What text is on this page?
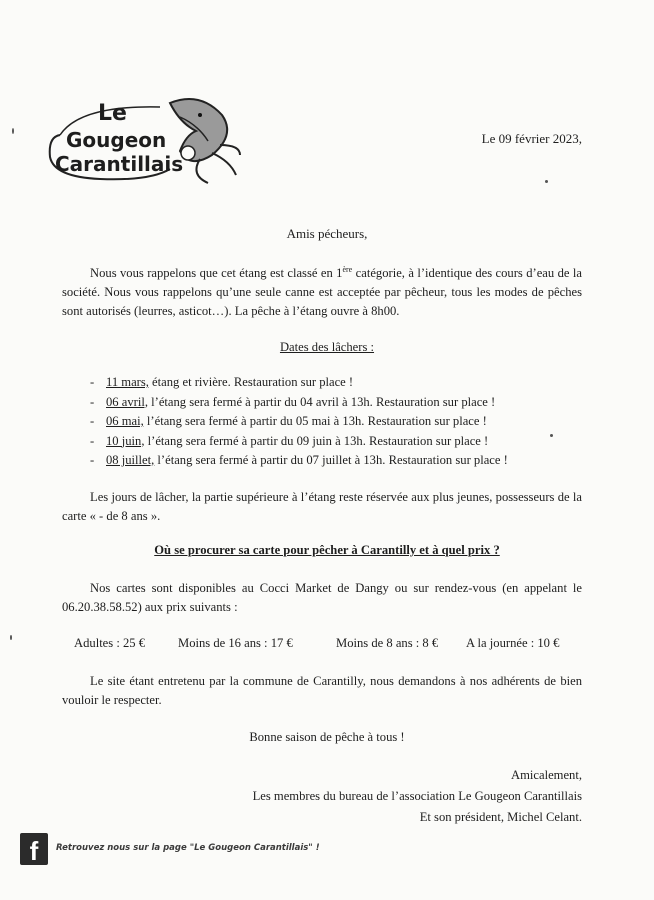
Le
Gougeon
Carantillais
Le 09 février 2023,
Amis pécheurs,

Nous vous rappelons que cet étang est classé en 1ère catégorie, à l’identique des cours d’eau de la société. Nous vous rappelons qu’une seule canne est acceptée par pêcheur, tous les modes de pêches sont autorisés (leurres, asticot…). La pêche à l’étang ouvre à 8h00.

Dates des lâchers :
- 11 mars, étang et rivière. Restauration sur place !
- 06 avril, l’étang sera fermé à partir du 04 avril à 13h. Restauration sur place !
- 06 mai, l’étang sera fermé à partir du 05 mai à 13h. Restauration sur place !
- 10 juin, l’étang sera fermé à partir du 09 juin à 13h. Restauration sur place !
- 08 juillet, l’étang sera fermé à partir du 07 juillet à 13h. Restauration sur place !

Les jours de lâcher, la partie supérieure à l’étang reste réservée aux plus jeunes, possesseurs de la carte « - de 8 ans ».

Où se procurer sa carte pour pêcher à Carantilly et à quel prix ?

Nos cartes sont disponibles au Cocci Market de Dangy ou sur rendez-vous (en appelant le 06.20.38.58.52) aux prix suivants :

Adultes : 25 €	Moins de 16 ans : 17 €	Moins de 8 ans : 8 € A la journée : 10 €

Le site étant entretenu par la commune de Carantilly, nous demandons à nos adhérents de bien vouloir le respecter.

Bonne saison de pêche à tous !
Amicalement,
Les membres du bureau de l’association Le Gougeon Carantillais
Et son président, Michel Celant.
f	Retrouvez nous sur la page "Le Gougeon Carantillais" !
